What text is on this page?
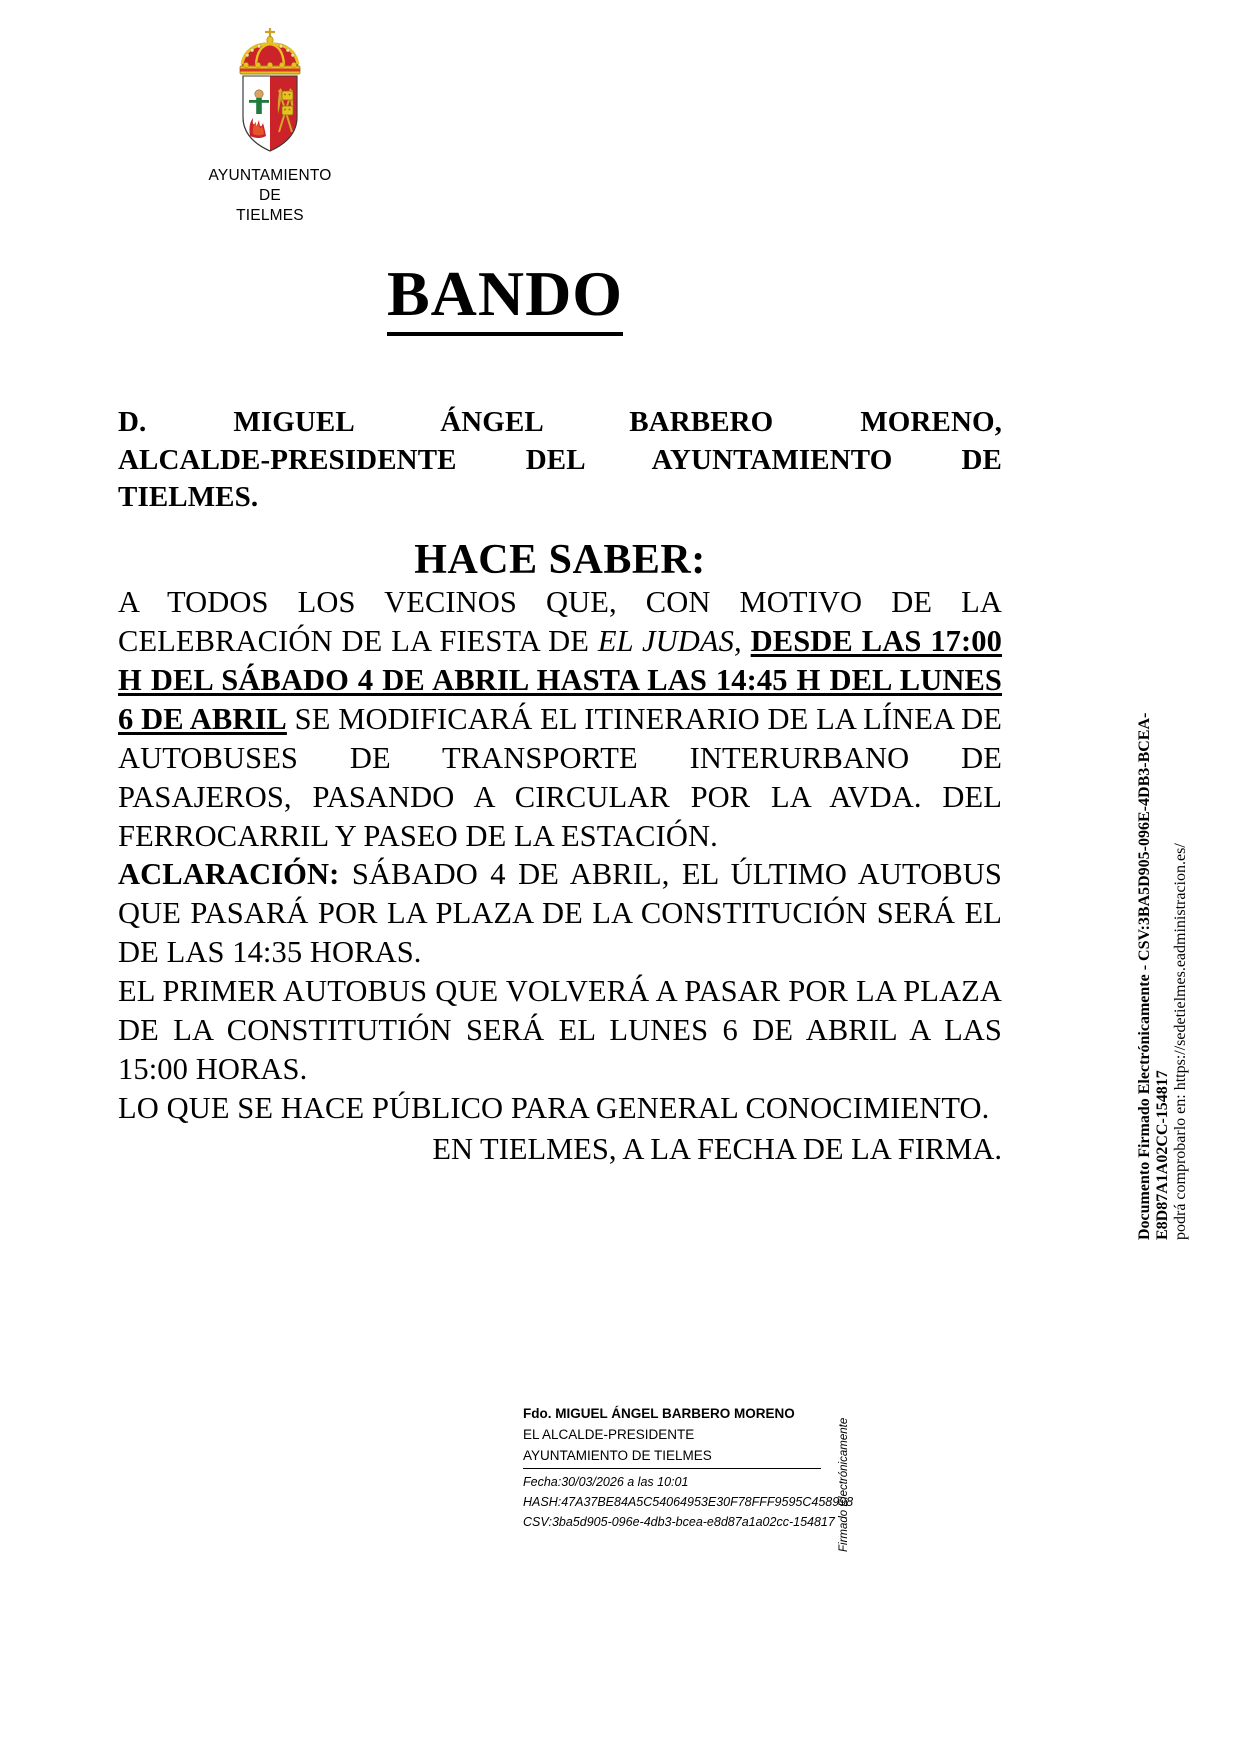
AYUNTAMIENTO
DE
TIELMES
BANDO
D. MIGUEL ÁNGEL BARBERO MORENO,
ALCALDE-PRESIDENTE DEL AYUNTAMIENTO DE
TIELMES.
HACE SABER:

A TODOS LOS VECINOS QUE, CON MOTIVO DE LA CELEBRACIÓN DE LA FIESTA DE EL JUDAS, DESDE LAS 17:00 H DEL SÁBADO 4 DE ABRIL HASTA LAS 14:45 H DEL LUNES 6 DE ABRIL SE MODIFICARÁ EL ITINERARIO DE LA LÍNEA DE AUTOBUSES DE TRANSPORTE INTERURBANO DE PASAJEROS, PASANDO A CIRCULAR POR LA AVDA. DEL FERROCARRIL Y PASEO DE LA ESTACIÓN.

ACLARACIÓN: SÁBADO 4 DE ABRIL, EL ÚLTIMO AUTOBUS QUE PASARÁ POR LA PLAZA DE LA CONSTITUCIÓN SERÁ EL DE LAS 14:35 HORAS.

EL PRIMER AUTOBUS QUE VOLVERÁ A PASAR POR LA PLAZA DE LA CONSTITUTIÓN SERÁ EL LUNES 6 DE ABRIL A LAS 15:00 HORAS.

LO QUE SE HACE PÚBLICO PARA GENERAL CONOCIMIENTO.

EN TIELMES, A LA FECHA DE LA FIRMA.	Documento Firmado Electrónicamente - CSV:3BA5D905-096E-4DB3-BCEA-E8D87A1A02CC-154817 podrá comprobarlo en: https://sedetielmes.eadministracion.es/
Fdo. MIGUEL ÁNGEL BARBERO MORENO
EL ALCALDE-PRESIDENTE
AYUNTAMIENTO DE TIELMES
Fecha:30/03/2026 a las 10:01
HASH:47A37BE84A5C54064953E30F78FFF9595C458998
CSV:3ba5d905-096e-4db3-bcea-e8d87a1a02cc-154817 Firmado Electrónicamente
